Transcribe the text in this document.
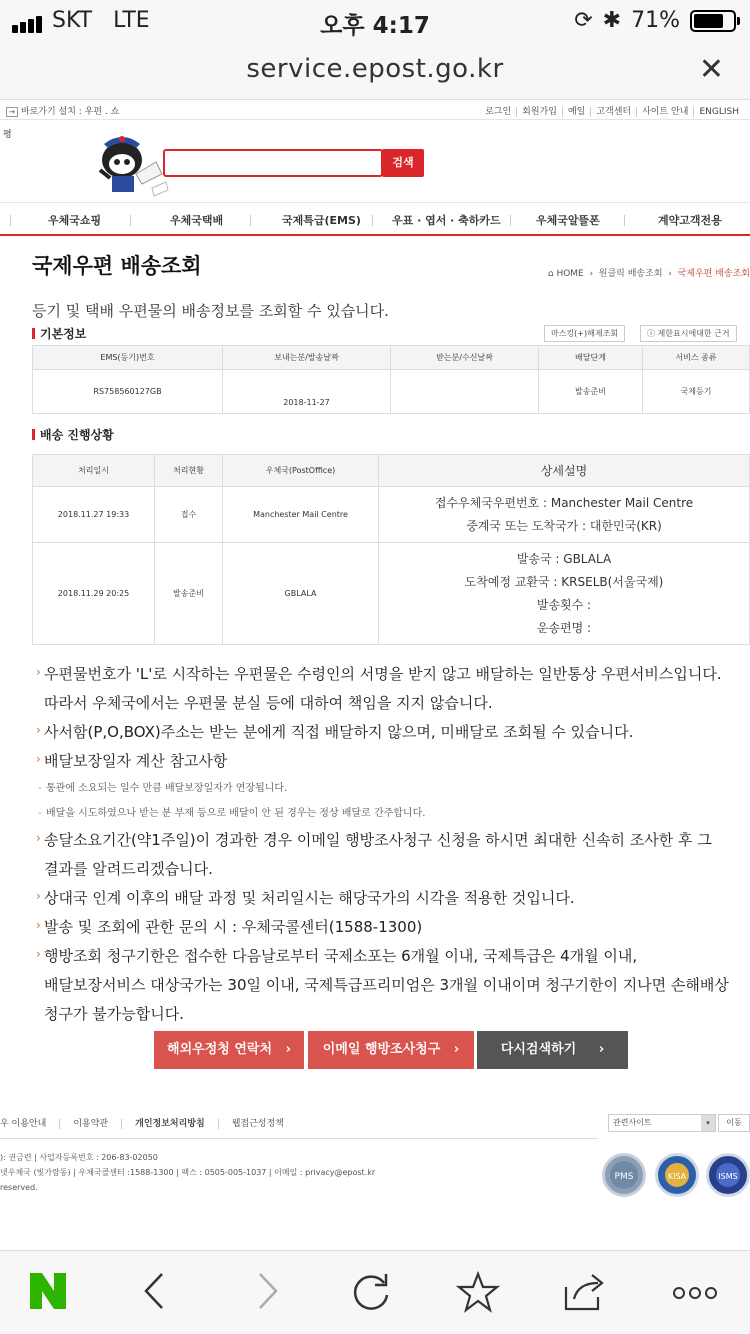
SKT LTE	오후 4:17	⟳ ✱ 71%
service.epost.go.kr	✕
→ 바로가기 설치 : 우편 . 쇼	로그인 회원가입 예일 고객센터 사이트 안내 ENGLISH
평
검색
우체국쇼핑	우체국택배	국제특급(EMS)	우표 · 엽서 · 축하카드	우체국알뜰폰	계약고객전용
국제우편 배송조회	⌂ HOME  ›  원클릭 배송조회  ›  국제우편 배송조회
등기 및 택배 우편물의 배송정보를 조회할 수 있습니다.
기본정보	마스킹(+)해제조회	ⓘ 제한표시에대한 근거
EMS(등기)번호	보내는분/발송날짜	받는분/수신날짜	배달단계	서비스 종류
RS758560127GB	2018-11-27		발송준비	국제등기
배송 진행상황
처리일시	처리현황	우체국(PostOffice)	상세설명
2018.11.27 19:33	접수	Manchester Mail Centre	접수우체국우편번호 : Manchester Mail Centre
중계국 또는 도착국가 : 대한민국(KR)

2018.11.29 20:25	발송준비	GBLALA	발송국 : GBLALA
도착예정 교환국 : KRSELB(서울국제)
발송횟수 :
운송편명 :
› 우편물번호가 'L'로 시작하는 우편물은 수령인의 서명을 받지 않고 배달하는 일반통상 우편서비스입니다.
따라서 우체국에서는 우편물 분실 등에 대하여 책임을 지지 않습니다.
› 사서함(P,O,BOX)주소는 받는 분에게 직접 배달하지 않으며, 미배달로 조회될 수 있습니다.
› 배달보장일자 계산 참고사항
- 통관에 소요되는 일수 만큼 배달보장일자가 연장됩니다.
- 배달을 시도하였으나 받는 분 부재 등으로 배달이 안 된 경우는 정상 배달로 간주합니다.
› 송달소요기간(약1주일)이 경과한 경우 이메일 행방조사청구 신청을 하시면 최대한 신속히 조사한 후 그
결과를 알려드리겠습니다.
› 상대국 인계 이후의 배달 과정 및 처리일시는 해당국가의 시각을 적용한 것입니다.
› 발송 및 조회에 관한 문의 시 : 우체국콜센터(1588-1300)
› 행방조회 청구기한은 접수한 다음날로부터 국제소포는 6개월 이내, 국제특급은 4개월 이내,
배달보장서비스 대상국가는 30일 이내, 국제특급프리미엄은 3개월 이내이며 청구기한이 지나면 손해배상
청구가 불가능합니다.
해외우정청 연락처 ›	이메일 행방조사청구 ›	다시검색하기 ›
우 이용안내	이용약관	개인정보처리방침	웹접근성정책
): 권금련 | 사업자등록번호 : 206-83-02050
넷우체국 (빛가람동) | 우체국콜센터 :1588-1300 | 팩스 : 0505-005-1037 | 이메일 : privacy@epost.kr
reserved.
관련사이트	▾	이동
PMS	KISA	ISMS
